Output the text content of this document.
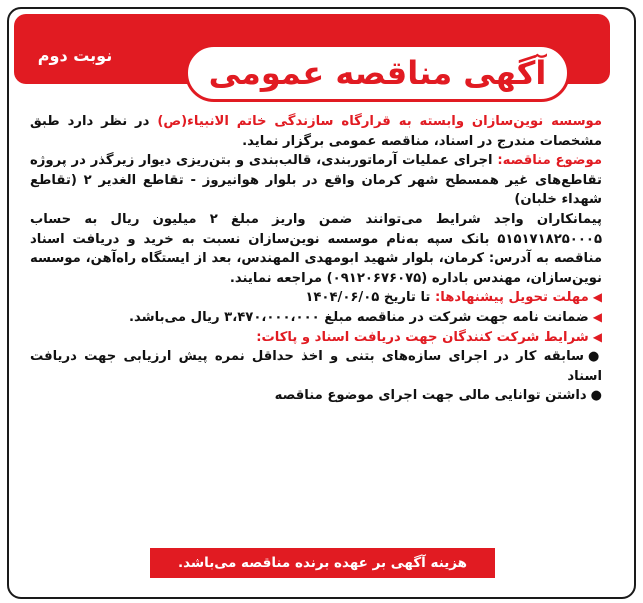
نوبت دوم	آگهی مناقصه عمومی

موسسه نوین‌سازان وابسته به قرارگاه سازندگی خاتم الانبیاء(ص) در نظر دارد طبق مشخصات مندرج در اسناد، مناقصه عمومی برگزار نماید.

موضوع مناقصه: اجرای عملیات آرماتوربندی، قالب‌بندی و بتن‌ریزی دیوار زیرگذر در پروژه تقاطع‌های غیر همسطح شهر کرمان واقع در بلوار هوانیروز - تقاطع الغدیر ۲ (تقاطع شهداء خلبان)

پیمانکاران واجد شرایط می‌توانند ضمن واریز مبلغ ۲ میلیون ریال به حساب ۵۱۵۱۷۱۸۲۵۰۰۰۵ بانک سپه به‌نام موسسه نوین‌سازان نسبت به خرید و دریافت اسناد مناقصه به آدرس: کرمان، بلوار شهید ابومهدی المهندس، بعد از ایستگاه راه‌آهن، موسسه نوین‌سازان، مهندس باداره (۰۹۱۲۰۶۷۶۰۷۵) مراجعه نمایند.

◀مهلت تحویل پیشنهادها: تا تاریخ ۱۴۰۴/۰۶/۰۵

◀ضمانت نامه جهت شرکت در مناقصه مبلغ ۳،۴۷۰،۰۰۰،۰۰۰ ریال می‌باشد.

◀شرایط شرکت کنندگان جهت دریافت اسناد و پاکات:

●سابقه کار در اجرای سازه‌های بتنی و اخذ حداقل نمره پیش ارزیابی جهت دریافت اسناد

●داشتن توانایی مالی جهت اجرای موضوع مناقصه

هزینه آگهی بر عهده برنده مناقصه می‌باشد.
